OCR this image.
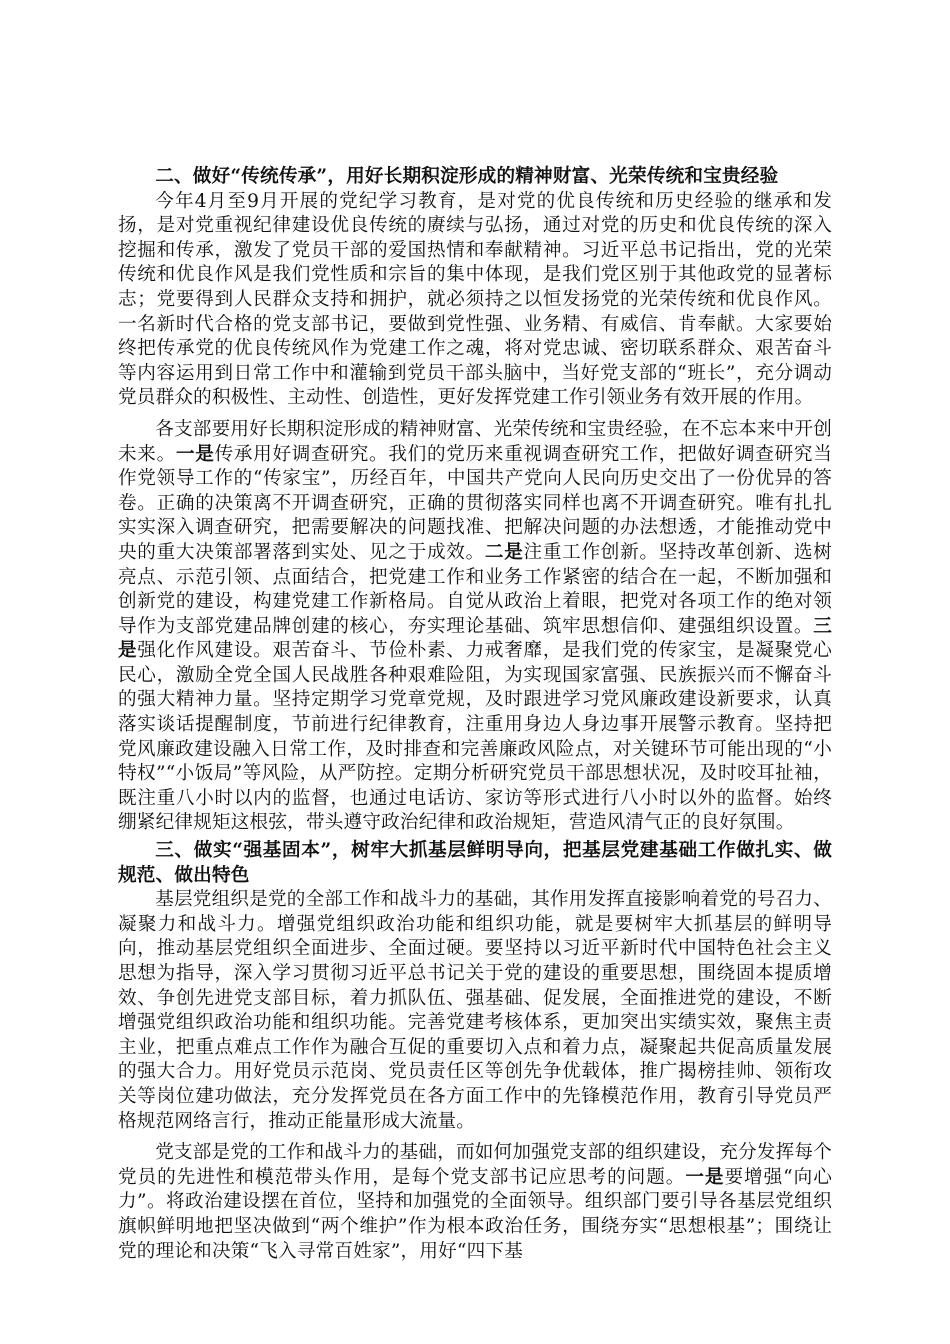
二、做好“传统传承”，用好长期积淀形成的精神财富、光荣传统和宝贵经验

今年4月至9月开展的党纪学习教育，是对党的优良传统和历史经验的继承和发扬，是对党重视纪律建设优良传统的赓续与弘扬，通过对党的历史和优良传统的深入挖掘和传承，激发了党员干部的爱国热情和奉献精神。习近平总书记指出，党的光荣传统和优良作风是我们党性质和宗旨的集中体现，是我们党区别于其他政党的显著标志；党要得到人民群众支持和拥护，就必须持之以恒发扬党的光荣传统和优良作风。一名新时代合格的党支部书记，要做到党性强、业务精、有威信、肯奉献。大家要始终把传承党的优良传统风作为党建工作之魂，将对党忠诚、密切联系群众、艰苦奋斗等内容运用到日常工作中和灌输到党员干部头脑中，当好党支部的“班长”，充分调动党员群众的积极性、主动性、创造性，更好发挥党建工作引领业务有效开展的作用。

各支部要用好长期积淀形成的精神财富、光荣传统和宝贵经验，在不忘本来中开创未来。一是传承用好调查研究。我们的党历来重视调查研究工作，把做好调查研究当作党领导工作的“传家宝”，历经百年，中国共产党向人民向历史交出了一份优异的答卷。正确的决策离不开调查研究，正确的贯彻落实同样也离不开调查研究。唯有扎扎实实深入调查研究，把需要解决的问题找准、把解决问题的办法想透，才能推动党中央的重大决策部署落到实处、见之于成效。二是注重工作创新。坚持改革创新、选树亮点、示范引领、点面结合，把党建工作和业务工作紧密的结合在一起，不断加强和创新党的建设，构建党建工作新格局。自觉从政治上着眼，把党对各项工作的绝对领导作为支部党建品牌创建的核心，夯实理论基础、筑牢思想信仰、建强组织设置。三是强化作风建设。艰苦奋斗、节俭朴素、力戒奢靡，是我们党的传家宝，是凝聚党心民心，激励全党全国人民战胜各种艰难险阻，为实现国家富强、民族振兴而不懈奋斗的强大精神力量。坚持定期学习党章党规，及时跟进学习党风廉政建设新要求，认真落实谈话提醒制度，节前进行纪律教育，注重用身边人身边事开展警示教育。坚持把党风廉政建设融入日常工作，及时排查和完善廉政风险点，对关键环节可能出现的“小特权”“小饭局”等风险，从严防控。定期分析研究党员干部思想状况，及时咬耳扯袖，既注重八小时以内的监督，也通过电话访、家访等形式进行八小时以外的监督。始终绷紧纪律规矩这根弦，带头遵守政治纪律和政治规矩，营造风清气正的良好氛围。

三、做实“强基固本”，树牢大抓基层鲜明导向，把基层党建基础工作做扎实、做规范、做出特色

基层党组织是党的全部工作和战斗力的基础，其作用发挥直接影响着党的号召力、凝聚力和战斗力。增强党组织政治功能和组织功能，就是要树牢大抓基层的鲜明导向，推动基层党组织全面进步、全面过硬。要坚持以习近平新时代中国特色社会主义思想为指导，深入学习贯彻习近平总书记关于党的建设的重要思想，围绕固本提质增效、争创先进党支部目标，着力抓队伍、强基础、促发展，全面推进党的建设，不断增强党组织政治功能和组织功能。完善党建考核体系，更加突出实绩实效，聚焦主责主业，把重点难点工作作为融合互促的重要切入点和着力点，凝聚起共促高质量发展的强大合力。用好党员示范岗、党员责任区等创先争优载体，推广揭榜挂帅、领衔攻关等岗位建功做法，充分发挥党员在各方面工作中的先锋模范作用，教育引导党员严格规范网络言行，推动正能量形成大流量。

党支部是党的工作和战斗力的基础，而如何加强党支部的组织建设，充分发挥每个党员的先进性和模范带头作用，是每个党支部书记应思考的问题。一是要增强“向心力”。将政治建设摆在首位，坚持和加强党的全面领导。组织部门要引导各基层党组织旗帜鲜明地把坚决做到“两个维护”作为根本政治任务，围绕夯实“思想根基”；围绕让党的理论和决策“飞入寻常百姓家”，用好“四下基
